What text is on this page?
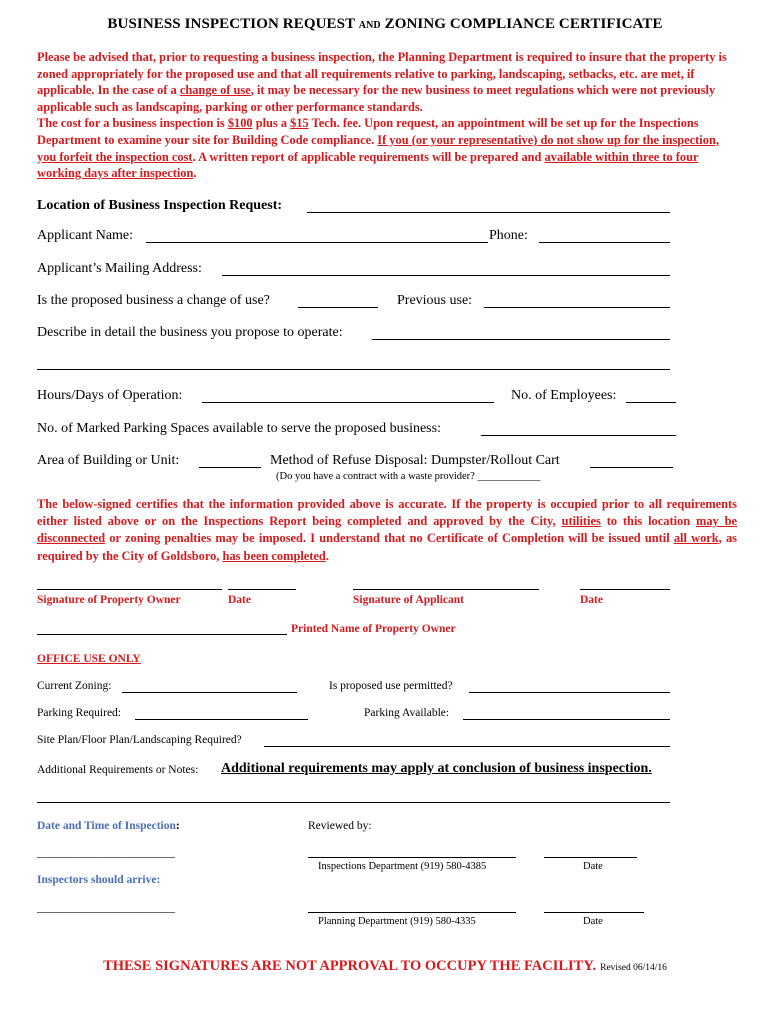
BUSINESS INSPECTION REQUEST AND ZONING COMPLIANCE CERTIFICATE
Please be advised that, prior to requesting a business inspection, the Planning Department is required to insure that the property is zoned appropriately for the proposed use and that all requirements relative to parking, landscaping, setbacks, etc. are met, if applicable. In the case of a change of use, it may be necessary for the new business to meet regulations which were not previously applicable such as landscaping, parking or other performance standards.
The cost for a business inspection is $100 plus a $15 Tech. fee. Upon request, an appointment will be set up for the Inspections Department to examine your site for Building Code compliance. If you (or your representative) do not show up for the inspection, you forfeit the inspection cost. A written report of applicable requirements will be prepared and available within three to four working days after inspection.
Location of Business Inspection Request:
Applicant Name:	Phone:
Applicant’s Mailing Address:
Is the proposed business a change of use?	Previous use:
Describe in detail the business you propose to operate:
Hours/Days of Operation:	No. of Employees:
No. of Marked Parking Spaces available to serve the proposed business:
Area of Building or Unit:	Method of Refuse Disposal: Dumpster/Rollout Cart
(Do you have a contract with a waste provider? ____________
The below-signed certifies that the information provided above is accurate. If the property is occupied prior to all requirements either listed above or on the Inspections Report being completed and approved by the City, utilities to this location may be disconnected or zoning penalties may be imposed. I understand that no Certificate of Completion will be issued until all work, as required by the City of Goldsboro, has been completed.
Signature of Property Owner	Date	Signature of Applicant	Date
Printed Name of Property Owner
OFFICE USE ONLY
Current Zoning:	Is proposed use permitted?
Parking Required:	Parking Available:
Site Plan/Floor Plan/Landscaping Required?
Additional Requirements or Notes: Additional requirements may apply at conclusion of business inspection.
Date and Time of Inspection:	Reviewed by:
________________________
Inspections Department (919) 580-4385	Date
Inspectors should arrive:
________________________
Planning Department (919) 580-4335	Date
THESE SIGNATURES ARE NOT APPROVAL TO OCCUPY THE FACILITY. Revised 06/14/16
